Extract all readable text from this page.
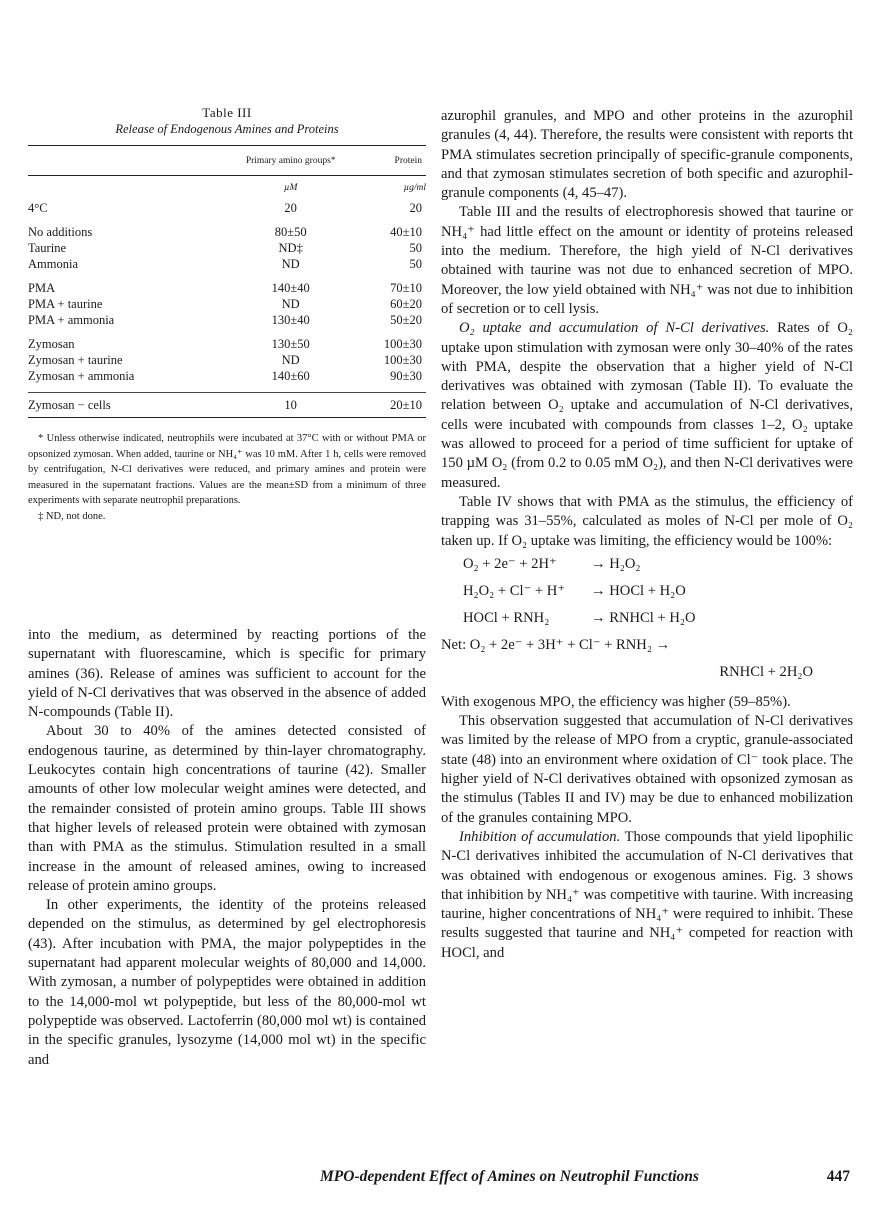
Table III
Release of Endogenous Amines and Proteins
	Primary amino groups*	Protein
	µM	µg/ml
4°C	20	20

No additions	80±50	40±10
Taurine	ND‡	50
Ammonia	ND	50

PMA	140±40	70±10
PMA + taurine	ND	60±20
PMA + ammonia	130±40	50±20

Zymosan	130±50	100±30
Zymosan + taurine	ND	100±30
Zymosan + ammonia	140±60	90±30

Zymosan − cells	10	20±10

* Unless otherwise indicated, neutrophils were incubated at 37°C with or without PMA or opsonized zymosan. When added, taurine or NH₄⁺ was 10 mM. After 1 h, cells were removed by centrifugation, N-Cl derivatives were reduced, and primary amines and protein were measured in the supernatant fractions. Values are the mean±SD from a minimum of three experiments with separate neutrophil preparations.

‡ ND, not done.

into the medium, as determined by reacting portions of the supernatant with fluorescamine, which is specific for primary amines (36). Release of amines was sufficient to account for the yield of N-Cl derivatives that was observed in the absence of added N-compounds (Table II).

About 30 to 40% of the amines detected consisted of endogenous taurine, as determined by thin-layer chromatography. Leukocytes contain high concentrations of taurine (42). Smaller amounts of other low molecular weight amines were detected, and the remainder consisted of protein amino groups. Table III shows that higher levels of released protein were obtained with zymosan than with PMA as the stimulus. Stimulation resulted in a small increase in the amount of released amines, owing to increased release of protein amino groups.

In other experiments, the identity of the proteins released depended on the stimulus, as determined by gel electrophoresis (43). After incubation with PMA, the major polypeptides in the supernatant had apparent molecular weights of 80,000 and 14,000. With zymosan, a number of polypeptides were obtained in addition to the 14,000-mol wt polypeptide, but less of the 80,000-mol wt polypeptide was observed. Lactoferrin (80,000 mol wt) is contained in the specific granules, lysozyme (14,000 mol wt) in the specific and

azurophil granules, and MPO and other proteins in the azurophil granules (4, 44). Therefore, the results were consistent with reports tht PMA stimulates secretion principally of specific-granule components, and that zymosan stimulates secretion of both specific and azurophil-granule components (4, 45–47).

Table III and the results of electrophoresis showed that taurine or NH₄⁺ had little effect on the amount or identity of proteins released into the medium. Therefore, the high yield of N-Cl derivatives obtained with taurine was not due to enhanced secretion of MPO. Moreover, the low yield obtained with NH₄⁺ was not due to inhibition of secretion or to cell lysis.

O₂ uptake and accumulation of N-Cl derivatives. Rates of O₂ uptake upon stimulation with zymosan were only 30–40% of the rates with PMA, despite the observation that a higher yield of N-Cl derivatives was obtained with zymosan (Table II). To evaluate the relation between O₂ uptake and accumulation of N-Cl derivatives, cells were incubated with compounds from classes 1–2, O₂ uptake was allowed to proceed for a period of time sufficient for uptake of 150 µM O₂ (from 0.2 to 0.05 mM O₂), and then N-Cl derivatives were measured.

Table IV shows that with PMA as the stimulus, the efficiency of trapping was 31–55%, calculated as moles of N-Cl per mole of O₂ taken up. If O₂ uptake was limiting, the efficiency would be 100%:

O₂ + 2e⁻ + 2H⁺ → H₂O₂
H₂O₂ + Cl⁻ + H⁺ → HOCl + H₂O
HOCl + RNH₂	→ RNHCl + H₂O
Net: O₂ + 2e⁻ + 3H⁺ + Cl⁻ + RNH₂ →
RNHCl + 2H₂O

With exogenous MPO, the efficiency was higher (59–85%).

This observation suggested that accumulation of N-Cl derivatives was limited by the release of MPO from a cryptic, granule-associated state (48) into an environment where oxidation of Cl⁻ took place. The higher yield of N-Cl derivatives obtained with opsonized zymosan as the stimulus (Tables II and IV) may be due to enhanced mobilization of the granules containing MPO.

Inhibition of accumulation. Those compounds that yield lipophilic N-Cl derivatives inhibited the accumulation of N-Cl derivatives that was obtained with endogenous or exogenous amines. Fig. 3 shows that inhibition by NH₄⁺ was competitive with taurine. With increasing taurine, higher concentrations of NH₄⁺ were required to inhibit. These results suggested that taurine and NH₄⁺ competed for reaction with HOCl, and

MPO-dependent Effect of Amines on Neutrophil Functions	447
